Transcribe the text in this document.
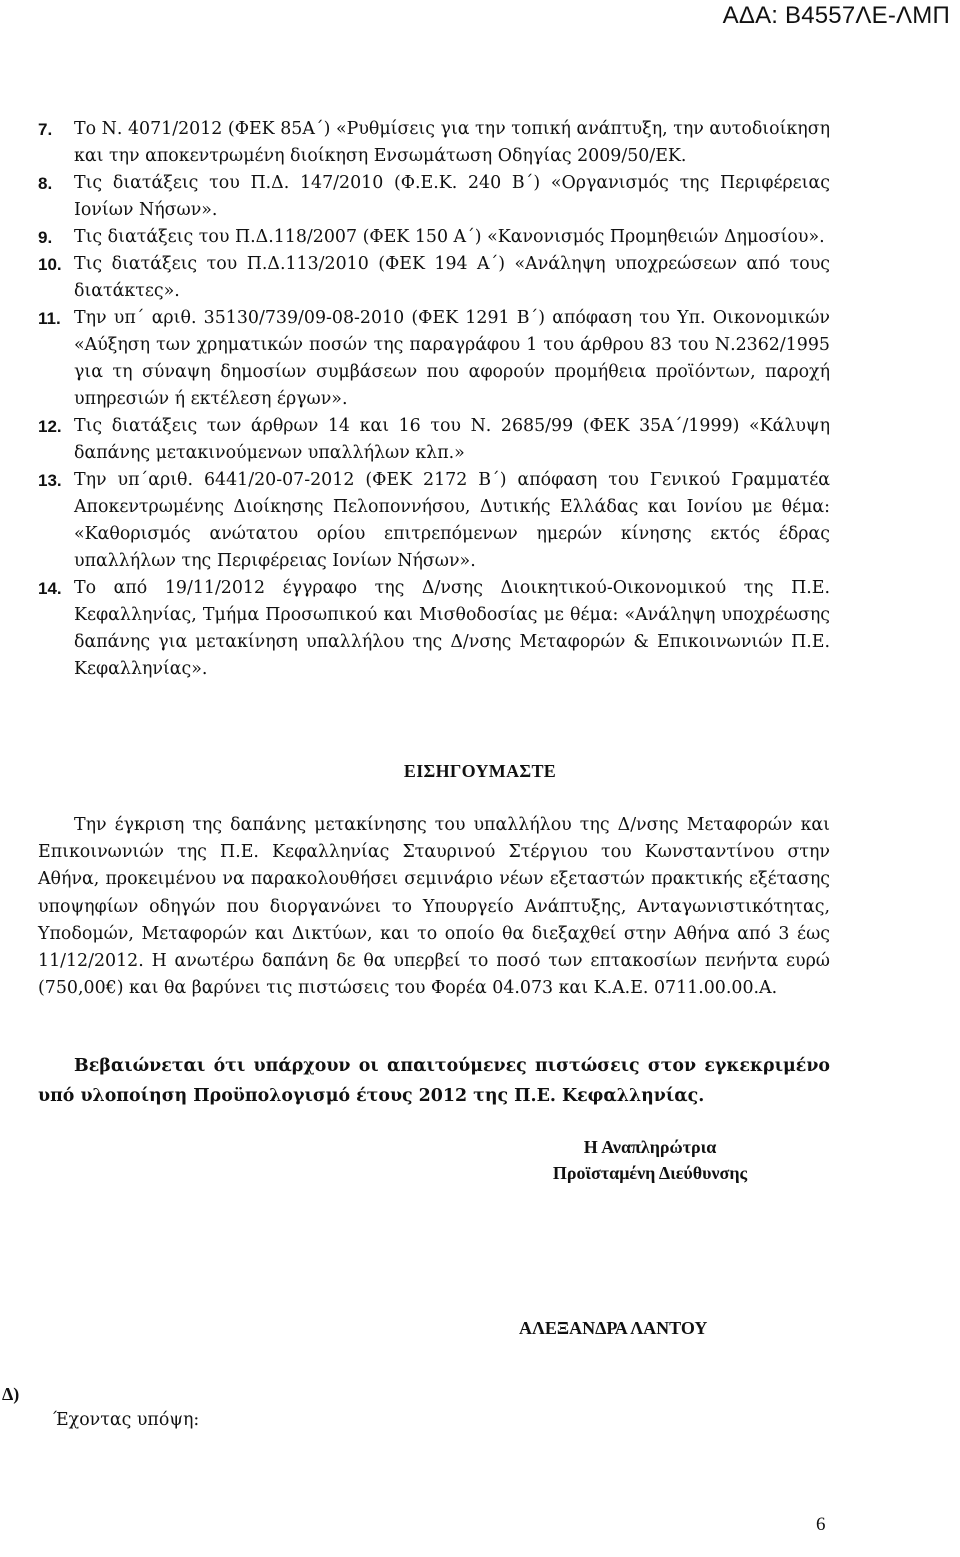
ΑΔΑ: Β4557ΛΕ-ΛΜΠ
7. Το Ν. 4071/2012 (ΦΕΚ 85Α΄) «Ρυθμίσεις για την τοπική ανάπτυξη, την αυτοδιοίκηση και την αποκεντρωμένη διοίκηση Ενσωμάτωση Οδηγίας 2009/50/ΕΚ.
8. Τις διατάξεις του Π.Δ. 147/2010 (Φ.Ε.Κ. 240 Β΄) «Οργανισμός της Περιφέρειας Ιονίων Νήσων».
9. Τις διατάξεις του Π.Δ.118/2007 (ΦΕΚ 150 Α΄) «Κανονισμός Προμηθειών Δημοσίου».
10. Τις διατάξεις του Π.Δ.113/2010 (ΦΕΚ 194 Α΄) «Ανάληψη υποχρεώσεων από τους διατάκτες».
11. Την υπ΄ αριθ. 35130/739/09-08-2010 (ΦΕΚ 1291 Β΄) απόφαση του Υπ. Οικονομικών «Αύξηση των χρηματικών ποσών της παραγράφου 1 του άρθρου 83 του Ν.2362/1995 για τη σύναψη δημοσίων συμβάσεων που αφορούν προμήθεια προϊόντων, παροχή υπηρεσιών ή εκτέλεση έργων».
12. Τις διατάξεις των άρθρων 14 και 16 του Ν. 2685/99 (ΦΕΚ 35Α΄/1999) «Κάλυψη δαπάνης μετακινούμενων υπαλλήλων κλπ.»
13. Την υπ΄αριθ. 6441/20-07-2012 (ΦΕΚ 2172 Β΄) απόφαση του Γενικού Γραμματέα Αποκεντρωμένης Διοίκησης Πελοποννήσου, Δυτικής Ελλάδας και Ιονίου με θέμα: «Καθορισμός ανώτατου ορίου επιτρεπόμενων ημερών κίνησης εκτός έδρας υπαλλήλων της Περιφέρειας Ιονίων Νήσων».
14. Το από 19/11/2012 έγγραφο της Δ/νσης Διοικητικού-Οικονομικού της Π.Ε. Κεφαλληνίας, Τμήμα Προσωπικού και Μισθοδοσίας με θέμα: «Ανάληψη υποχρέωσης δαπάνης για μετακίνηση υπαλλήλου της Δ/νσης Μεταφορών & Επικοινωνιών Π.Ε. Κεφαλληνίας».
ΕΙΣΗΓΟΥΜΑΣΤΕ
Την έγκριση της δαπάνης μετακίνησης του υπαλλήλου της Δ/νσης Μεταφορών και Επικοινωνιών της Π.Ε. Κεφαλληνίας Σταυρινού Στέργιου του Κωνσταντίνου στην Αθήνα, προκειμένου να παρακολουθήσει σεμινάριο νέων εξεταστών πρακτικής εξέτασης υποψηφίων οδηγών που διοργανώνει το Υπουργείο Ανάπτυξης, Ανταγωνιστικότητας, Υποδομών, Μεταφορών και Δικτύων, και το οποίο θα διεξαχθεί στην Αθήνα από 3 έως 11/12/2012. Η ανωτέρω δαπάνη δε θα υπερβεί το ποσό των επτακοσίων πενήντα ευρώ (750,00€) και θα βαρύνει τις πιστώσεις του Φορέα 04.073 και Κ.Α.Ε. 0711.00.00.Α.
Βεβαιώνεται ότι υπάρχουν οι απαιτούμενες πιστώσεις στον εγκεκριμένο υπό υλοποίηση Προϋπολογισμό έτους 2012 της Π.Ε. Κεφαλληνίας.
Η Αναπληρώτρια
Προϊσταμένη Διεύθυνσης
ΑΛΕΞΑΝΔΡΑ ΛΑΝΤΟΥ
Δ)
Έχοντας υπόψη:
6
